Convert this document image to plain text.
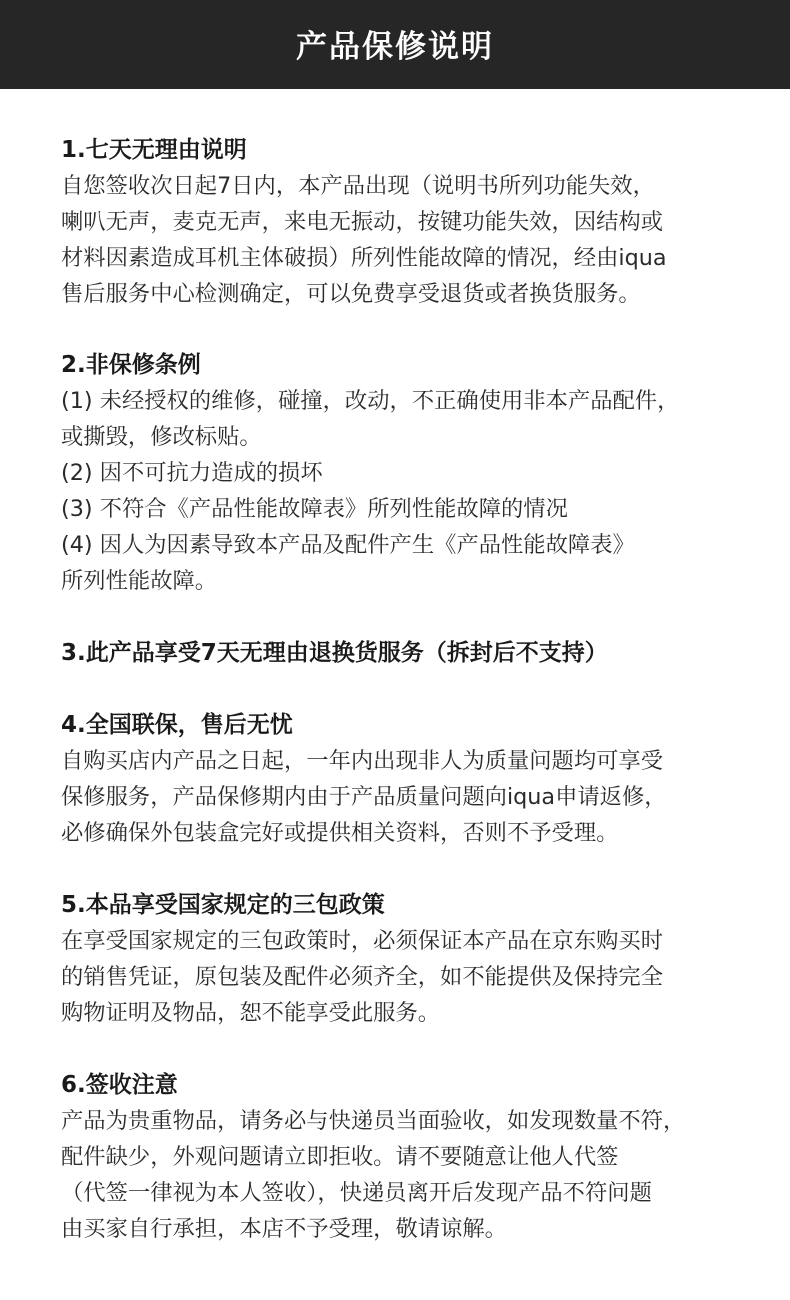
产品保修说明
1.七天无理由说明
自您签收次日起7日内，本产品出现（说明书所列功能失效，
喇叭无声，麦克无声，来电无振动，按键功能失效，因结构或
材料因素造成耳机主体破损）所列性能故障的情况，经由iqua
售后服务中心检测确定，可以免费享受退货或者换货服务。
2.非保修条例
(1) 未经授权的维修，碰撞，改动，不正确使用非本产品配件，
或撕毁，修改标贴。
(2) 因不可抗力造成的损坏
(3) 不符合《产品性能故障表》所列性能故障的情况
(4) 因人为因素导致本产品及配件产生《产品性能故障表》
所列性能故障。
3.此产品享受7天无理由退换货服务（拆封后不支持）
4.全国联保，售后无忧
自购买店内产品之日起，一年内出现非人为质量问题均可享受
保修服务，产品保修期内由于产品质量问题向iqua申请返修，
必修确保外包装盒完好或提供相关资料，否则不予受理。
5.本品享受国家规定的三包政策
在享受国家规定的三包政策时，必须保证本产品在京东购买时
的销售凭证，原包装及配件必须齐全，如不能提供及保持完全
购物证明及物品，恕不能享受此服务。
6.签收注意
产品为贵重物品，请务必与快递员当面验收，如发现数量不符，
配件缺少，外观问题请立即拒收。请不要随意让他人代签
（代签一律视为本人签收），快递员离开后发现产品不符问题
由买家自行承担，本店不予受理，敬请谅解。
